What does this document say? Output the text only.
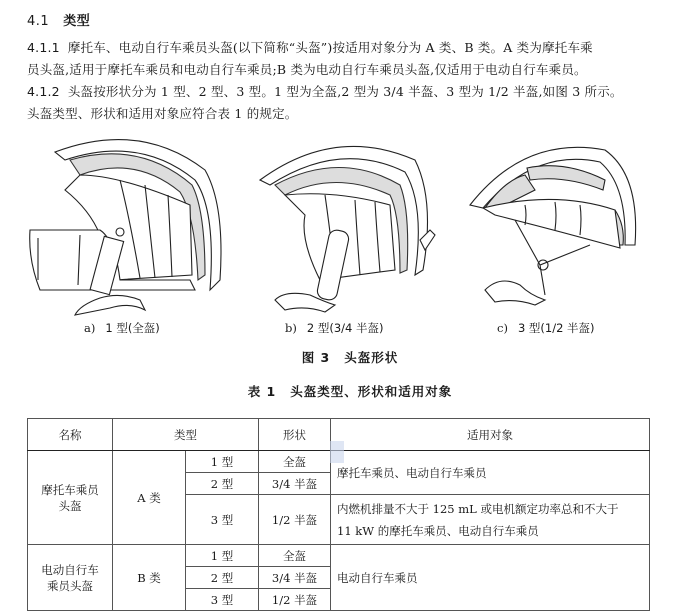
4.1 类型
4.1.1 摩托车、电动自行车乘员头盔(以下简称“头盔”)按适用对象分为 A 类、B 类。A 类为摩托车乘
员头盔,适用于摩托车乘员和电动自行车乘员;B 类为电动自行车乘员头盔,仅适用于电动自行车乘员。
4.1.2 头盔按形状分为 1 型、2 型、3 型。1 型为全盔,2 型为 3/4 半盔、3 型为 1/2 半盔,如图 3 所示。
头盔类型、形状和适用对象应符合表 1 的规定。
a) 1 型(全盔)	b) 2 型(3/4 半盔)	c) 3 型(1/2 半盔)
图 3 头盔形状
表 1 头盔类型、形状和适用对象
名称	类型		形状	适用对象

摩托车乘员
头盔	A 类	1 型	全盔	摩托车乘员、电动自行车乘员
		2 型	3/4 半盔	
		3 型	1/2 半盔	内燃机排量不大于 125 mL 或电机额定功率总和不大于
11 kW 的摩托车乘员、电动自行车乘员

电动自行车
乘员头盔	B 类	1 型	全盔	电动自行车乘员
		2 型	3/4 半盔	
		3 型	1/2 半盔	
